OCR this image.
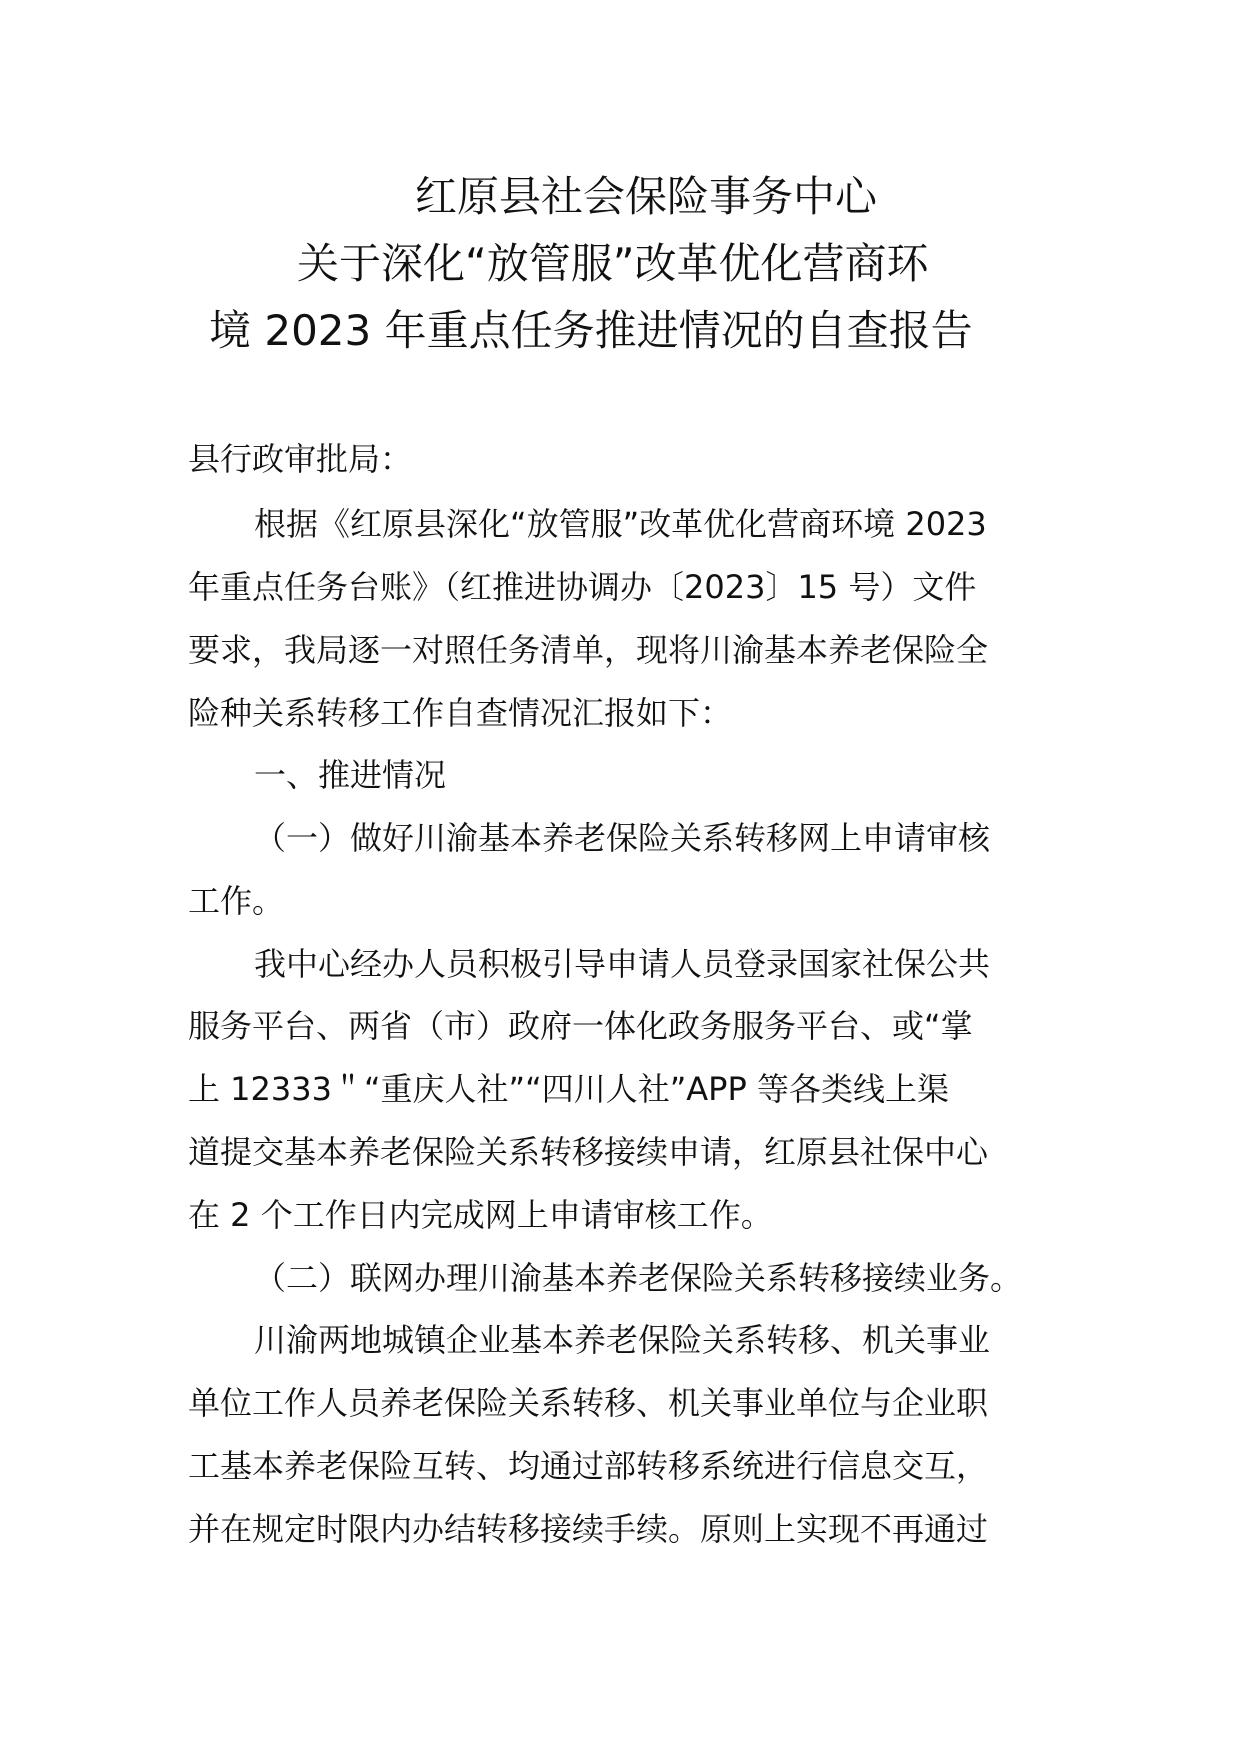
红原县社会保险事务中心
关于深化“放管服”改革优化营商环
境 2023 年重点任务推进情况的自查报告
县行政审批局：
根据《红原县深化“放管服”改革优化营商环境 2023
年重点任务台账》（红推进协调办〔2023〕15 号）文件
要求，我局逐一对照任务清单，现将川渝基本养老保险全
险种关系转移工作自查情况汇报如下：
一、推进情况
（一）做好川渝基本养老保险关系转移网上申请审核
工作。
我中心经办人员积极引导申请人员登录国家社保公共
服务平台、两省（市）政府一体化政务服务平台、或“掌
上 12333＂“重庆人社”“四川人社”APP 等各类线上渠
道提交基本养老保险关系转移接续申请，红原县社保中心
在 2 个工作日内完成网上申请审核工作。
（二）联网办理川渝基本养老保险关系转移接续业务。
川渝两地城镇企业基本养老保险关系转移、机关事业
单位工作人员养老保险关系转移、机关事业单位与企业职
工基本养老保险互转、均通过部转移系统进行信息交互，
并在规定时限内办结转移接续手续。原则上实现不再通过
